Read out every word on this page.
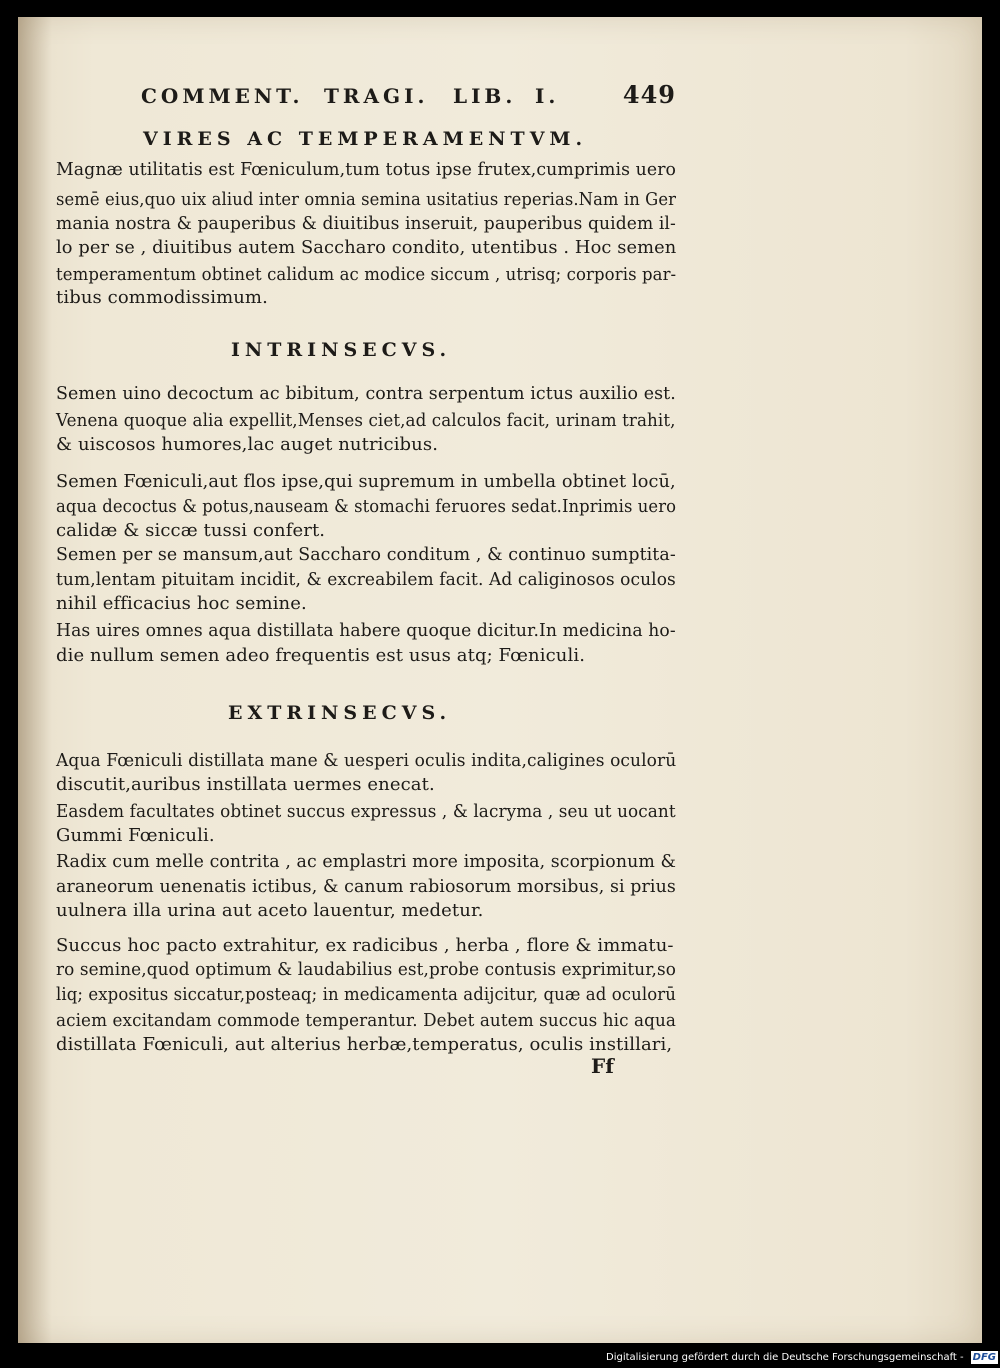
COMMENT. TRAGI. LIB. I.	449
VIRES AC TEMPERAMENTVM.
Magnæ utilitatis est Fœniculum,tum totus ipse frutex,cumprimis uero
semē eius,quo uix aliud inter omnia semina usitatius reperias.Nam in Ger
mania nostra & pauperibus & diuitibus inseruit, pauperibus quidem il-
lo per se , diuitibus autem Saccharo condito, utentibus . Hoc semen
temperamentum obtinet calidum ac modice siccum , utrisq; corporis par-
tibus commodissimum.
INTRINSECVS.
Semen uino decoctum ac bibitum, contra serpentum ictus auxilio est.
Venena quoque alia expellit,Menses ciet,ad calculos facit, urinam trahit,
& uiscosos humores,lac auget nutricibus.
Semen Fœniculi,aut flos ipse,qui supremum in umbella obtinet locū,
aqua decoctus & potus,nauseam & stomachi feruores sedat.Inprimis uero
calidæ & siccæ tussi confert.
Semen per se mansum,aut Saccharo conditum , & continuo sumptita-
tum,lentam pituitam incidit, & excreabilem facit. Ad caliginosos oculos
nihil efficacius hoc semine.
Has uires omnes aqua distillata habere quoque dicitur.In medicina ho-
die nullum semen adeo frequentis est usus atq; Fœniculi.
EXTRINSECVS.
Aqua Fœniculi distillata mane & uesperi oculis indita,caligines oculorū
discutit,auribus instillata uermes enecat.
Easdem facultates obtinet succus expressus , & lacryma , seu ut uocant
Gummi Fœniculi.
Radix cum melle contrita , ac emplastri more imposita, scorpionum &
araneorum uenenatis ictibus, & canum rabiosorum morsibus, si prius
uulnera illa urina aut aceto lauentur, medetur.
Succus hoc pacto extrahitur, ex radicibus , herba , flore & immatu-
ro semine,quod optimum & laudabilius est,probe contusis exprimitur,so
liq; expositus siccatur,posteaq; in medicamenta adijcitur, quæ ad oculorū
aciem excitandam commode temperantur. Debet autem succus hic aqua
distillata Fœniculi, aut alterius herbæ,temperatus, oculis instillari,
Ff
Digitalisierung gefördert durch die Deutsche Forschungsgemeinschaft - DFG
